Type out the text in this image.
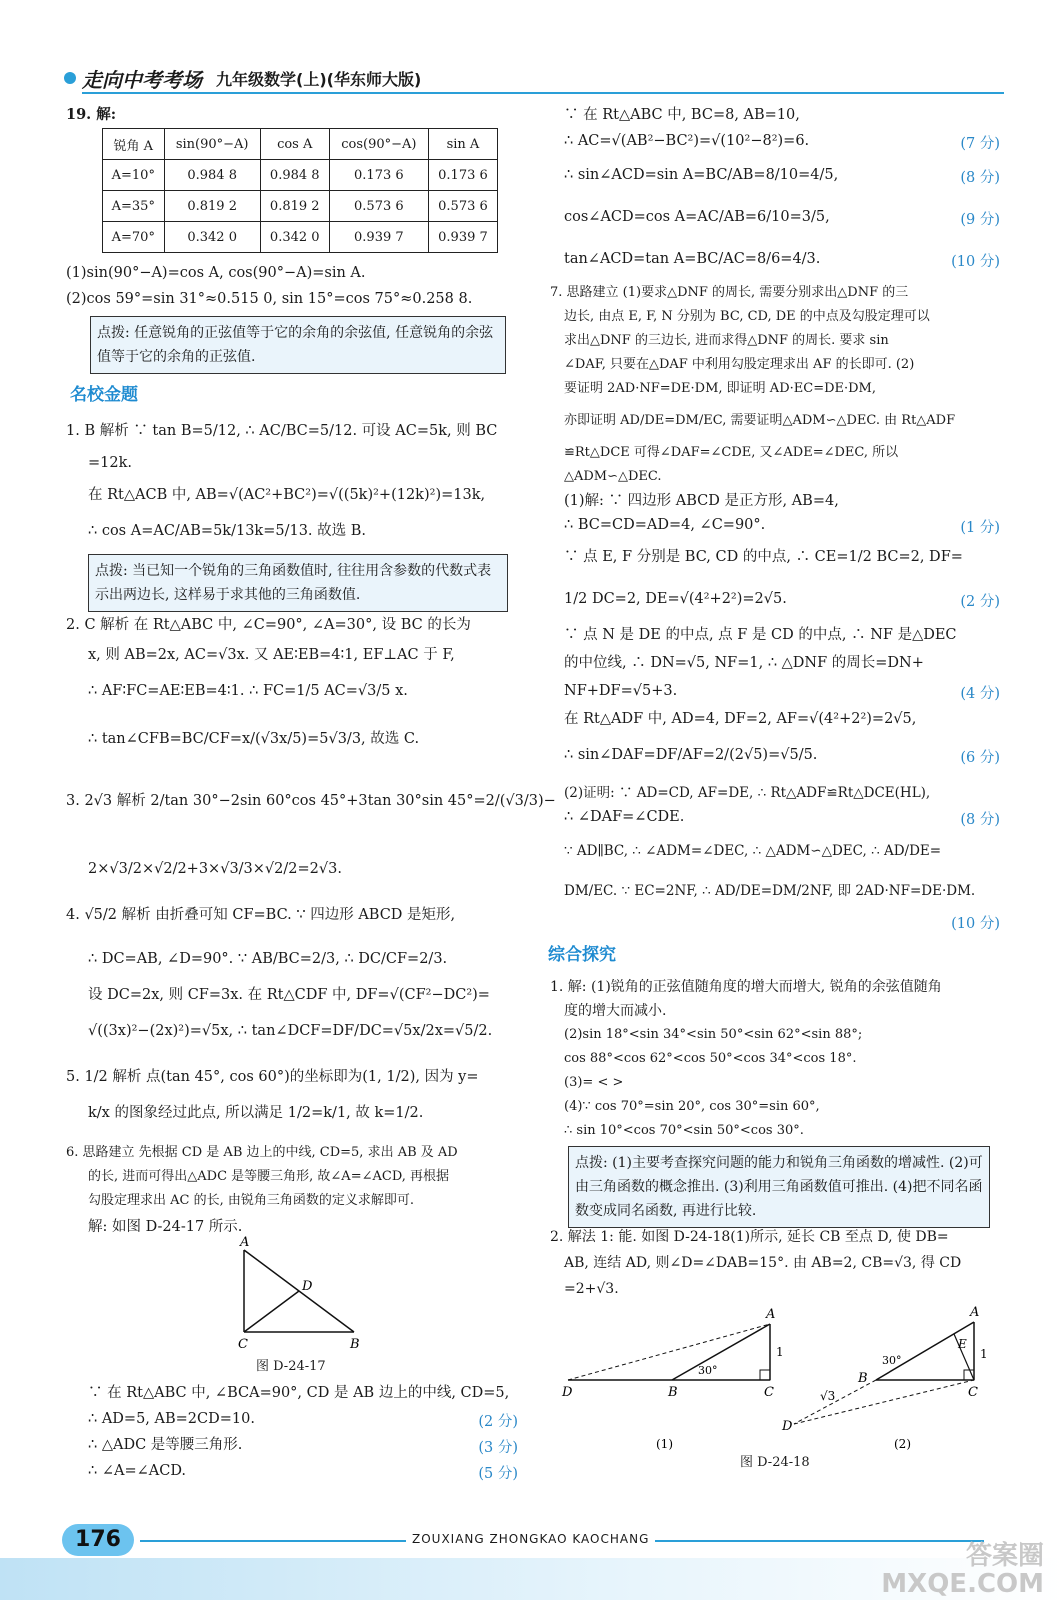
走向中考考场 九年级数学(上)(华东师大版)
19. 解:
锐角 A	sin(90°−A)	cos A	cos(90°−A)	sin A
A=10°	0.984 8	0.984 8	0.173 6	0.173 6
A=35°	0.819 2	0.819 2	0.573 6	0.573 6
A=70°	0.342 0	0.342 0	0.939 7	0.939 7
(1)sin(90°−A)=cos A, cos(90°−A)=sin A.
(2)cos 59°=sin 31°≈0.515 0, sin 15°=cos 75°≈0.258 8.
点拨: 任意锐角的正弦值等于它的余角的余弦值, 任意锐角的余弦值等于它的余角的正弦值.
名校金题
1. B 解析 ∵ tan B=5/12, ∴ AC/BC=5/12. 可设 AC=5k, 则 BC
=12k.
在 Rt△ACB 中, AB=√(AC²+BC²)=√((5k)²+(12k)²)=13k,
∴ cos A=AC/AB=5k/13k=5/13. 故选 B.
点拨: 当已知一个锐角的三角函数值时, 往往用含参数的代数式表示出两边长, 这样易于求其他的三角函数值.
2. C 解析 在 Rt△ABC 中, ∠C=90°, ∠A=30°, 设 BC 的长为
x, 则 AB=2x, AC=√3x. 又 AE∶EB=4∶1, EF⊥AC 于 F,
∴ AF∶FC=AE∶EB=4∶1. ∴ FC=1/5 AC=√3/5 x.
∴ tan∠CFB=BC/CF=x/(√3x/5)=5√3/3, 故选 C.
3. 2√3 解析 2/tan 30°−2sin 60°cos 45°+3tan 30°sin 45°=2/(√3/3)−
2×√3/2×√2/2+3×√3/3×√2/2=2√3.
4. √5/2 解析 由折叠可知 CF=BC. ∵ 四边形 ABCD 是矩形,
∴ DC=AB, ∠D=90°. ∵ AB/BC=2/3, ∴ DC/CF=2/3.
设 DC=2x, 则 CF=3x. 在 Rt△CDF 中, DF=√(CF²−DC²)=
√((3x)²−(2x)²)=√5x, ∴ tan∠DCF=DF/DC=√5x/2x=√5/2.
5. 1/2 解析 点(tan 45°, cos 60°)的坐标即为(1, 1/2), 因为 y=
k/x 的图象经过此点, 所以满足 1/2=k/1, 故 k=1/2.
6. 思路建立 先根据 CD 是 AB 边上的中线, CD=5, 求出 AB 及 AD
的长, 进而可得出△ADC 是等腰三角形, 故∠A=∠ACD, 再根据
勾股定理求出 AC 的长, 由锐角三角函数的定义求解即可.
解: 如图 D-24-17 所示.
A
D
C	B
图 D-24-17
∵ 在 Rt△ABC 中, ∠BCA=90°, CD 是 AB 边上的中线, CD=5,
∴ AD=5, AB=2CD=10.	(2 分)
∴ △ADC 是等腰三角形.	(3 分)
∴ ∠A=∠ACD.	(5 分)
∵ 在 Rt△ABC 中, BC=8, AB=10,
∴ AC=√(AB²−BC²)=√(10²−8²)=6.	(7 分)
∴ sin∠ACD=sin A=BC/AB=8/10=4/5,	(8 分)
cos∠ACD=cos A=AC/AB=6/10=3/5,	(9 分)
tan∠ACD=tan A=BC/AC=8/6=4/3.	(10 分)
7. 思路建立 (1)要求△DNF 的周长, 需要分别求出△DNF 的三
边长, 由点 E, F, N 分别为 BC, CD, DE 的中点及勾股定理可以
求出△DNF 的三边长, 进而求得△DNF 的周长. 要求 sin
∠DAF, 只要在△DAF 中利用勾股定理求出 AF 的长即可. (2)
要证明 2AD·NF=DE·DM, 即证明 AD·EC=DE·DM,
亦即证明 AD/DE=DM/EC, 需要证明△ADM∽△DEC. 由 Rt△ADF
≌Rt△DCE 可得∠DAF=∠CDE, 又∠ADE=∠DEC, 所以
△ADM∽△DEC.
(1)解: ∵ 四边形 ABCD 是正方形, AB=4,
∴ BC=CD=AD=4, ∠C=90°.	(1 分)
∵ 点 E, F 分别是 BC, CD 的中点, ∴ CE=1/2 BC=2, DF=
1/2 DC=2, DE=√(4²+2²)=2√5.	(2 分)
∵ 点 N 是 DE 的中点, 点 F 是 CD 的中点, ∴ NF 是△DEC
的中位线, ∴ DN=√5, NF=1, ∴ △DNF 的周长=DN+
NF+DF=√5+3.	(4 分)
在 Rt△ADF 中, AD=4, DF=2, AF=√(4²+2²)=2√5,
∴ sin∠DAF=DF/AF=2/(2√5)=√5/5.	(6 分)
(2)证明: ∵ AD=CD, AF=DE, ∴ Rt△ADF≌Rt△DCE(HL),
∴ ∠DAF=∠CDE.	(8 分)
∵ AD∥BC, ∴ ∠ADM=∠DEC, ∴ △ADM∽△DEC, ∴ AD/DE=
DM/EC. ∵ EC=2NF, ∴ AD/DE=DM/2NF, 即 2AD·NF=DE·DM.
(10 分)
综合探究
1. 解: (1)锐角的正弦值随角度的增大而增大, 锐角的余弦值随角
度的增大而减小.
(2)sin 18°<sin 34°<sin 50°<sin 62°<sin 88°;
cos 88°<cos 62°<cos 50°<cos 34°<cos 18°.
(3)= < >
(4)∵ cos 70°=sin 20°, cos 30°=sin 60°,
∴ sin 10°<cos 70°<sin 50°<cos 30°.
点拨: (1)主要考查探究问题的能力和锐角三角函数的增减性. (2)可由三角函数的概念推出. (3)利用三角函数值可推出. (4)把不同名函数变成同名函数, 再进行比较.
2. 解法 1: 能. 如图 D-24-18(1)所示, 延长 CB 至点 D, 使 DB=
AB, 连结 AD, 则∠D=∠DAB=15°. 由 AB=2, CB=√3, 得 CD
=2+√3.
A
1
30°
D	B	C
(1)
A
E
1
30°
B
C
√3
D
(2)
图 D-24-18
176	ZOUXIANG ZHONGKAO KAOCHANG
答案圈
MXQE.COM
